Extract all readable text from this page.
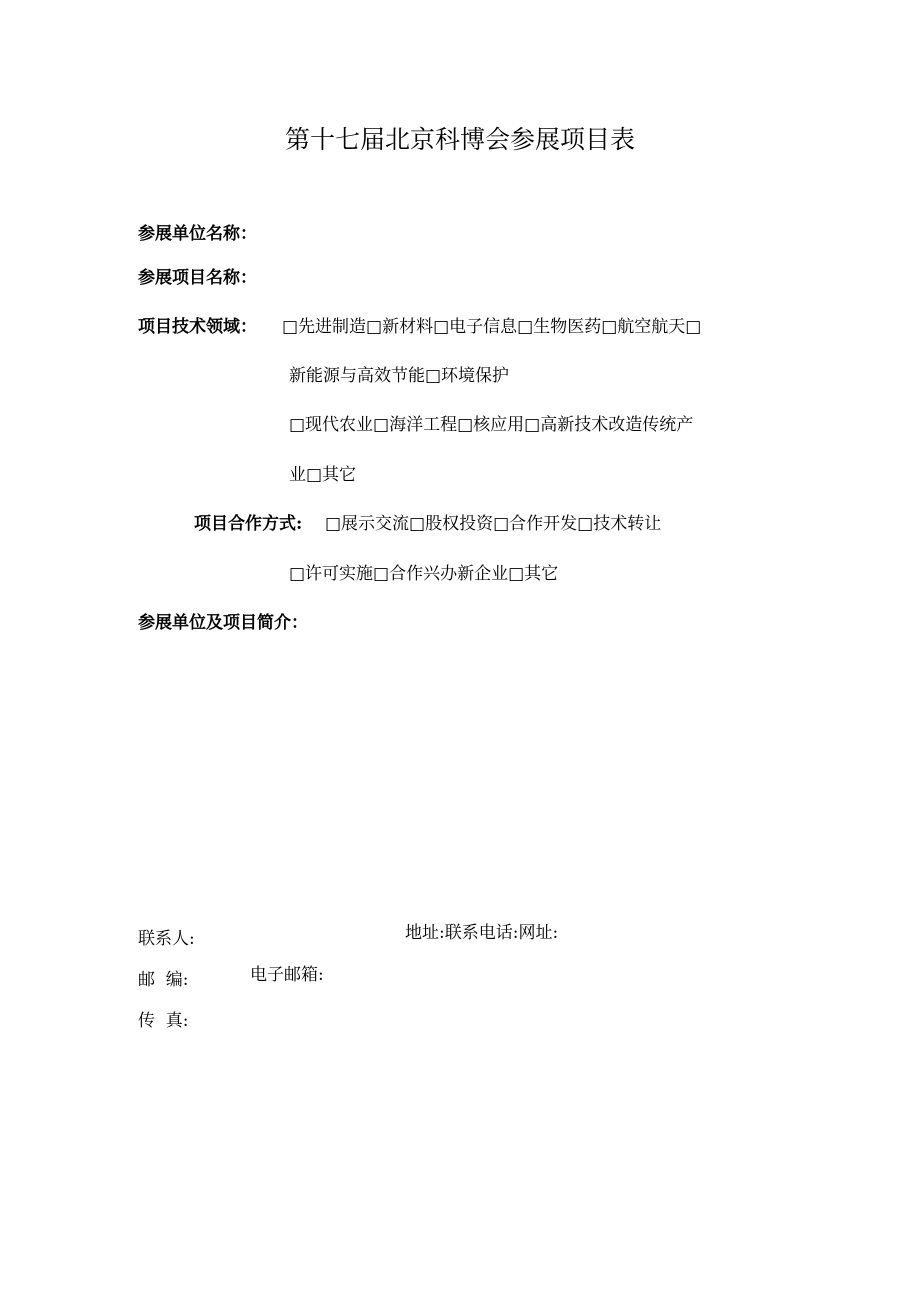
第十七届北京科博会参展项目表
参展单位名称：
参展项目名称：
项目技术领域： □先进制造□新材料□电子信息□生物医药□航空航天□
新能源与高效节能□环境保护
□现代农业□海洋工程□核应用□高新技术改造传统产
业□其它
项目合作方式: □展示交流□股权投资□合作开发□技术转让
□许可实施□合作兴办新企业□其它
参展单位及项目简介：
联系人:	地址:联系电话:网址:
邮  编:	电子邮箱:
传  真:
